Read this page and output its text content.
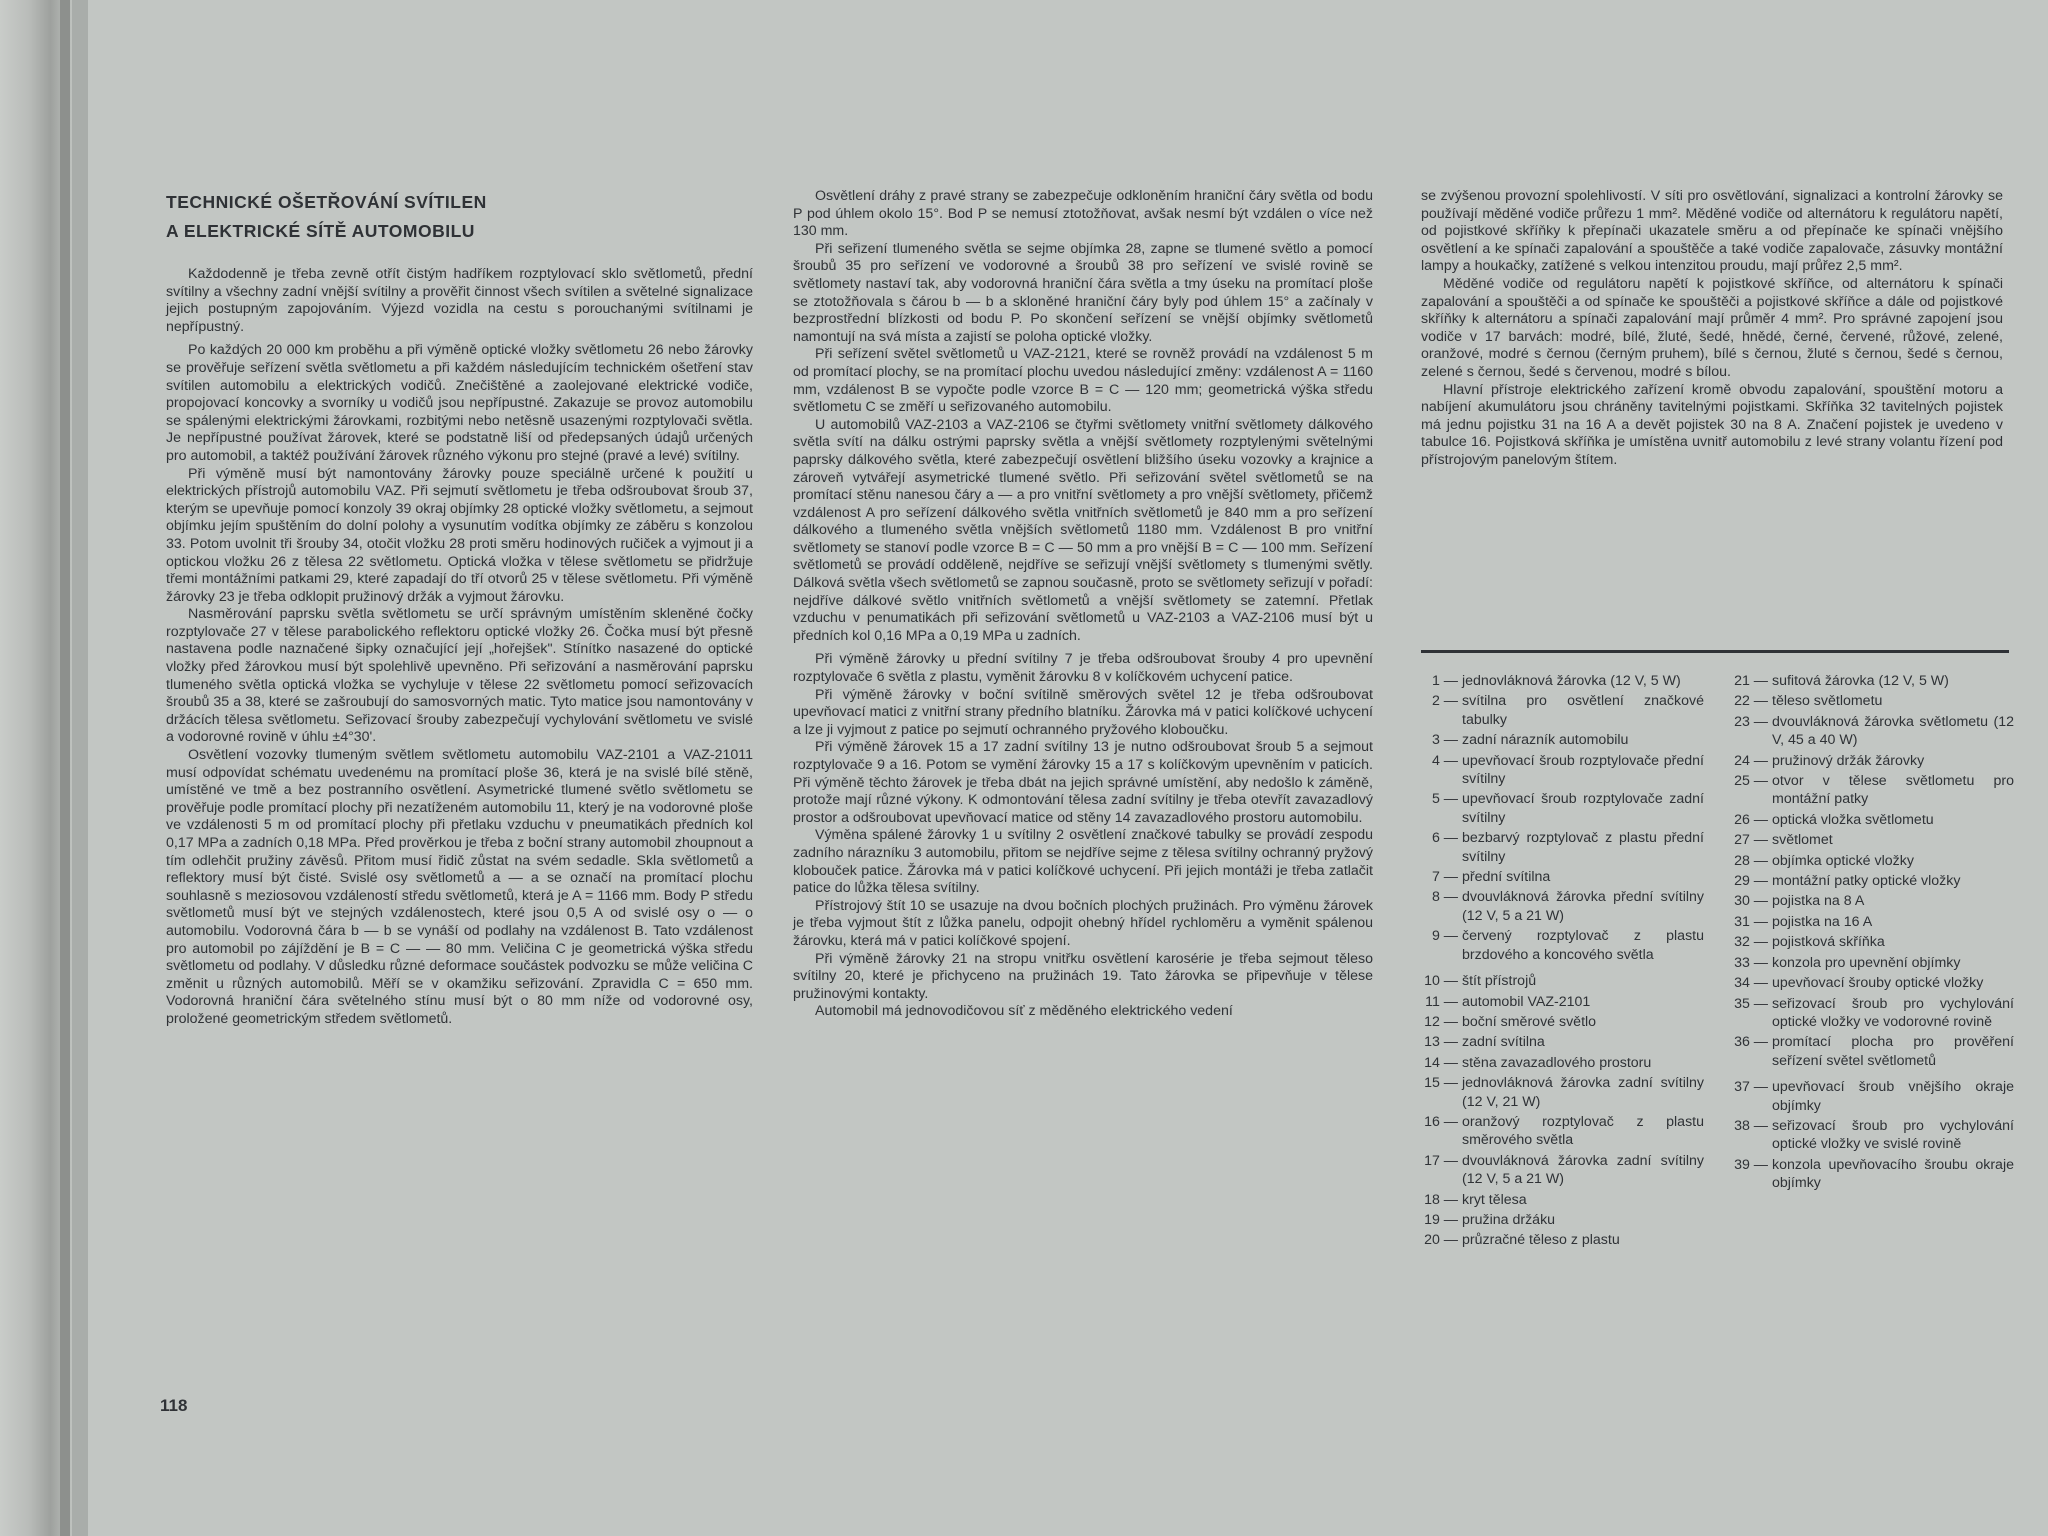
TECHNICKÉ OŠETŘOVÁNÍ SVÍTILEN
A ELEKTRICKÉ SÍTĚ AUTOMOBILU

Každodenně je třeba zevně otřít čistým hadříkem rozptylovací sklo světlometů, přední svítilny a všechny zadní vnější svítilny a prověřit činnost všech svítilen a světelné signalizace jejich postupným zapojováním. Výjezd vozidla na cestu s porouchanými svítilnami je nepřípustný.

Po každých 20 000 km proběhu a při výměně optické vložky světlometu 26 nebo žárovky se prověřuje seřízení světla světlometu a při každém následujícím technickém ošetření stav svítilen automobilu a elektrických vodičů. Znečištěné a zaolejované elektrické vodiče, propojovací koncovky a svorníky u vodičů jsou nepřípustné. Zakazuje se provoz automobilu se spálenými elektrickými žárovkami, rozbitými nebo netěsně usazenými rozptylovači světla. Je nepřípustné používat žárovek, které se podstatně liší od předepsaných údajů určených pro automobil, a taktéž používání žárovek různého výkonu pro stejné (pravé a levé) svítilny.

Při výměně musí být namontovány žárovky pouze speciálně určené k použití u elektrických přístrojů automobilu VAZ. Při sejmutí světlometu je třeba odšroubovat šroub 37, kterým se upevňuje pomocí konzoly 39 okraj objímky 28 optické vložky světlometu, a sejmout objímku jejím spuštěním do dolní polohy a vysunutím vodítka objímky ze záběru s konzolou 33. Potom uvolnit tři šrouby 34, otočit vložku 28 proti směru hodinových ručiček a vyjmout ji a optickou vložku 26 z tělesa 22 světlometu. Optická vložka v tělese světlometu se přidržuje třemi montážními patkami 29, které zapadají do tří otvorů 25 v tělese světlometu. Při výměně žárovky 23 je třeba odklopit pružinový držák a vyjmout žárovku.

Nasměrování paprsku světla světlometu se určí správným umístěním skleněné čočky rozptylovače 27 v tělese parabolického reflektoru optické vložky 26. Čočka musí být přesně nastavena podle naznačené šipky označující její „hořejšek". Stínítko nasazené do optické vložky před žárovkou musí být spolehlivě upevněno. Při seřizování a nasměrování paprsku tlumeného světla optická vložka se vychyluje v tělese 22 světlometu pomocí seřizovacích šroubů 35 a 38, které se zašroubují do samosvorných matic. Tyto matice jsou namontovány v držácích tělesa světlometu. Seřizovací šrouby zabezpečují vychylování světlometu ve svislé a vodorovné rovině v úhlu ±4°30'.

Osvětlení vozovky tlumeným světlem světlometu automobilu VAZ-2101 a VAZ-21011 musí odpovídat schématu uvedenému na promítací ploše 36, která je na svislé bílé stěně, umístěné ve tmě a bez postranního osvětlení. Asymetrické tlumené světlo světlometu se prověřuje podle promítací plochy při nezatíženém automobilu 11, který je na vodorovné ploše ve vzdálenosti 5 m od promítací plochy při přetlaku vzduchu v pneumatikách předních kol 0,17 MPa a zadních 0,18 MPa. Před prověrkou je třeba z boční strany automobil zhoupnout a tím odlehčit pružiny závěsů. Přitom musí řidič zůstat na svém sedadle. Skla světlometů a reflektory musí být čisté. Svislé osy světlometů a — a se označí na promítací plochu souhlasně s meziosovou vzdáleností středu světlometů, která je A = 1166 mm. Body P středu světlometů musí být ve stejných vzdálenostech, které jsou 0,5 A od svislé osy o — o automobilu. Vodorovná čára b — b se vynáší od podlahy na vzdálenost B. Tato vzdálenost pro automobil po zájíždění je B = C — — 80 mm. Veličina C je geometrická výška středu světlometu od podlahy. V důsledku různé deformace součástek podvozku se může veličina C změnit u různých automobilů. Měří se v okamžiku seřizování. Zpravidla C = 650 mm. Vodorovná hraniční čára světelného stínu musí být o 80 mm níže od vodorovné osy, proložené geometrickým středem světlometů.

Osvětlení dráhy z pravé strany se zabezpečuje odkloněním hraniční čáry světla od bodu P pod úhlem okolo 15°. Bod P se nemusí ztotožňovat, avšak nesmí být vzdálen o více než 130 mm.

Při seřizení tlumeného světla se sejme objímka 28, zapne se tlumené světlo a pomocí šroubů 35 pro seřízení ve vodorovné a šroubů 38 pro seřízení ve svislé rovině se světlomety nastaví tak, aby vodorovná hraniční čára světla a tmy úseku na promítací ploše se ztotožňovala s čárou b — b a skloněné hraniční čáry byly pod úhlem 15° a začínaly v bezprostřední blízkosti od bodu P. Po skončení seřízení se vnější objímky světlometů namontují na svá místa a zajistí se poloha optické vložky.

Při seřízení světel světlometů u VAZ-2121, které se rovněž provádí na vzdálenost 5 m od promítací plochy, se na promítací plochu uvedou následující změny: vzdálenost A = 1160 mm, vzdálenost B se vypočte podle vzorce B = C — 120 mm; geometrická výška středu světlometu C se změří u seřizovaného automobilu.

U automobilů VAZ-2103 a VAZ-2106 se čtyřmi světlomety vnitřní světlomety dálkového světla svítí na dálku ostrými paprsky světla a vnější světlomety rozptylenými světelnými paprsky dálkového světla, které zabezpečují osvětlení bližšího úseku vozovky a krajnice a zároveň vytvářejí asymetrické tlumené světlo. Při seřizování světel světlometů se na promítací stěnu nanesou čáry a — a pro vnitřní světlomety a pro vnější světlomety, přičemž vzdálenost A pro seřízení dálkového světla vnitřních světlometů je 840 mm a pro seřízení dálkového a tlumeného světla vnějších světlometů 1180 mm. Vzdálenost B pro vnitřní světlomety se stanoví podle vzorce B = C — 50 mm a pro vnější B = C — 100 mm. Seřízení světlometů se provádí odděleně, nejdříve se seřizují vnější světlomety s tlumenými světly. Dálková světla všech světlometů se zapnou současně, proto se světlomety seřizují v pořadí: nejdříve dálkové světlo vnitřních světlometů a vnější světlomety se zatemní. Přetlak vzduchu v penumatikách při seřizování světlometů u VAZ-2103 a VAZ-2106 musí být u předních kol 0,16 MPa a 0,19 MPa u zadních.

Při výměně žárovky u přední svítilny 7 je třeba odšroubovat šrouby 4 pro upevnění rozptylovače 6 světla z plastu, vyměnit žárovku 8 v kolíčkovém uchycení patice.

Při výměně žárovky v boční svítilně směrových světel 12 je třeba odšroubovat upevňovací matici z vnitřní strany předního blatníku. Žárovka má v patici kolíčkové uchycení a lze ji vyjmout z patice po sejmutí ochranného pryžového kloboučku.

Při výměně žárovek 15 a 17 zadní svítilny 13 je nutno odšroubovat šroub 5 a sejmout rozptylovače 9 a 16. Potom se vymění žárovky 15 a 17 s kolíčkovým upevněním v paticích. Při výměně těchto žárovek je třeba dbát na jejich správné umístění, aby nedošlo k záměně, protože mají různé výkony. K odmontování tělesa zadní svítilny je třeba otevřít zavazadlový prostor a odšroubovat upevňovací matice od stěny 14 zavazadlového prostoru automobilu.

Výměna spálené žárovky 1 u svítilny 2 osvětlení značkové tabulky se provádí zespodu zadního nárazníku 3 automobilu, přitom se nejdříve sejme z tělesa svítilny ochranný pryžový klobouček patice. Žárovka má v patici kolíčkové uchycení. Při jejich montáži je třeba zatlačit patice do lůžka tělesa svítilny.

Přístrojový štít 10 se usazuje na dvou bočních plochých pružinách. Pro výměnu žárovek je třeba vyjmout štít z lůžka panelu, odpojit ohebný hřídel rychloměru a vyměnit spálenou žárovku, která má v patici kolíčkové spojení.

Při výměně žárovky 21 na stropu vnitřku osvětlení karosérie je třeba sejmout těleso svítilny 20, které je přichyceno na pružinách 19. Tato žárovka se připevňuje v tělese pružinovými kontakty.

Automobil má jednovodičovou síť z měděného elektrického vedení

se zvýšenou provozní spolehlivostí. V síti pro osvětlování, signalizaci a kontrolní žárovky se používají měděné vodiče průřezu 1 mm². Měděné vodiče od alternátoru k regulátoru napětí, od pojistkové skříňky k přepínači ukazatele směru a od přepínače ke spínači vnějšího osvětlení a ke spínači zapalování a spouštěče a také vodiče zapalovače, zásuvky montážní lampy a houkačky, zatížené s velkou intenzitou proudu, mají průřez 2,5 mm².

Měděné vodiče od regulátoru napětí k pojistkové skříňce, od alternátoru k spínači zapalování a spouštěči a od spínače ke spouštěči a pojistkové skříňce a dále od pojistkové skříňky k alternátoru a spínači zapalování mají průměr 4 mm². Pro správné zapojení jsou vodiče v 17 barvách: modré, bílé, žluté, šedé, hnědé, černé, červené, růžové, zelené, oranžové, modré s černou (černým pruhem), bílé s černou, žluté s černou, šedé s černou, zelené s černou, šedé s červenou, modré s bílou.

Hlavní přístroje elektrického zařízení kromě obvodu zapalování, spouštění motoru a nabíjení akumulátoru jsou chráněny tavitelnými pojistkami. Skříňka 32 tavitelných pojistek má jednu pojistku 31 na 16 A a devět pojistek 30 na 8 A. Značení pojistek je uvedeno v tabulce 16. Pojistková skříňka je umístěna uvnitř automobilu z levé strany volantu řízení pod přístrojovým panelovým štítem.

1 — jednovláknová žárovka (12 V, 5 W)
2 — svítilna pro osvětlení značkové tabulky
3 — zadní nárazník automobilu
4 — upevňovací šroub rozptylovače přední svítilny
5 — upevňovací šroub rozptylovače zadní svítilny
6 — bezbarvý rozptylovač z plastu přední svítilny
7 — přední svítilna
8 — dvouvláknová žárovka přední svítilny (12 V, 5 a 21 W)
9 — červený rozptylovač z plastu brzdového a koncového světla
10 — štít přístrojů
11 — automobil VAZ-2101
12 — boční směrové světlo
13 — zadní svítilna
14 — stěna zavazadlového prostoru
15 — jednovláknová žárovka zadní svítilny (12 V, 21 W)
16 — oranžový rozptylovač z plastu směrového světla
17 — dvouvláknová žárovka zadní svítilny (12 V, 5 a 21 W)
18 — kryt tělesa
19 — pružina držáku
20 — průzračné těleso z plastu
21 — sufitová žárovka (12 V, 5 W)
22 — těleso světlometu
23 — dvouvláknová žárovka světlometu (12 V, 45 a 40 W)
24 — pružinový držák žárovky
25 — otvor v tělese světlometu pro montážní patky
26 — optická vložka světlometu
27 — světlomet
28 — objímka optické vložky
29 — montážní patky optické vložky
30 — pojistka na 8 A
31 — pojistka na 16 A
32 — pojistková skříňka
33 — konzola pro upevnění objímky
34 — upevňovací šrouby optické vložky
35 — seřizovací šroub pro vychylování optické vložky ve vodorovné rovině
36 — promítací plocha pro prověření seřízení světel světlometů
37 — upevňovací šroub vnějšího okraje objímky
38 — seřizovací šroub pro vychylování optické vložky ve svislé rovině
39 — konzola upevňovacího šroubu okraje objímky
118
